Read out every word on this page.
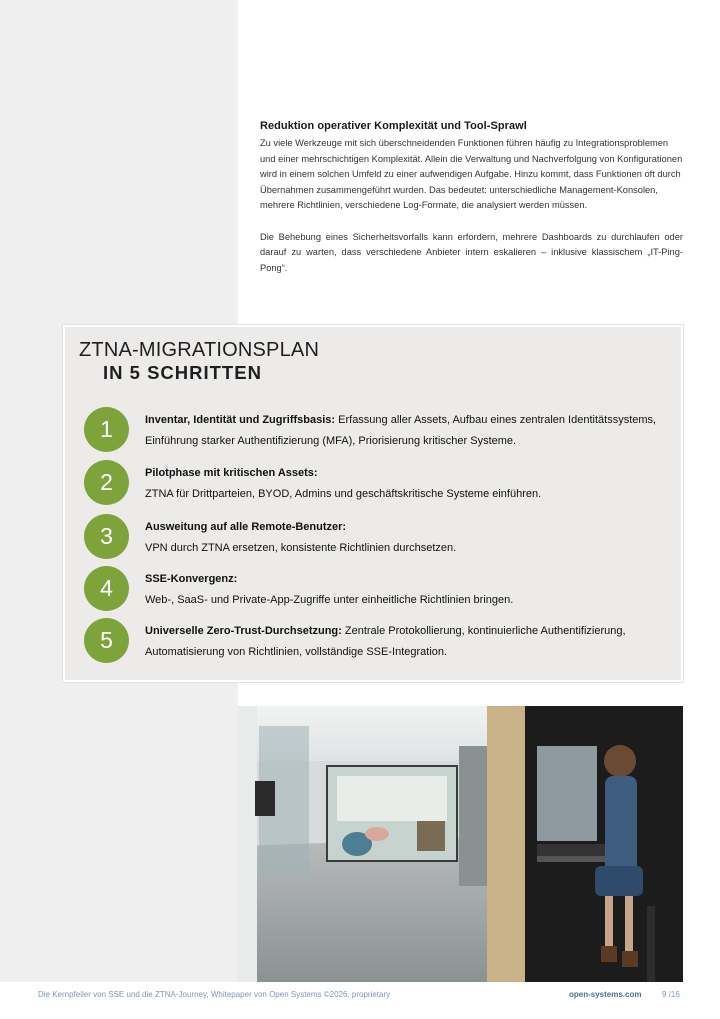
Reduktion operativer Komplexität und Tool-Sprawl

Zu viele Werkzeuge mit sich überschneidenden Funktionen führen häufig zu Integrationsproblemen und einer mehrschichtigen Komplexität. Allein die Verwaltung und Nachverfolgung von Konfigurationen wird in einem solchen Umfeld zu einer aufwendigen Aufgabe. Hinzu kommt, dass Funktionen oft durch Übernahmen zusammengeführt wurden. Das bedeutet: unterschiedliche Management-Konsolen, mehrere Richtlinien, verschiedene Log-Formate, die analysiert werden müssen.

Die Behebung eines Sicherheitsvorfalls kann erfordern, mehrere Dashboards zu durchlaufen oder darauf zu warten, dass verschiedene Anbieter intern eskalieren – inklusive klassischem „IT-Ping-Pong“.

ZTNA-MIGRATIONSPLAN
IN 5 SCHRITTEN
1	Inventar, Identität und Zugriffsbasis: Erfassung aller Assets, Aufbau eines zentralen Identitätssystems, Einführung starker Authentifizierung (MFA), Priorisierung kritischer Systeme.
2	Pilotphase mit kritischen Assets:
ZTNA für Drittparteien, BYOD, Admins und geschäftskritische Systeme einführen.
3	Ausweitung auf alle Remote-Benutzer:
VPN durch ZTNA ersetzen, konsistente Richtlinien durchsetzen.
4	SSE-Konvergenz:
Web-, SaaS- und Private-App-Zugriffe unter einheitliche Richtlinien bringen.
5	Universelle Zero-Trust-Durchsetzung: Zentrale Protokollierung, kontinuierliche Authentifizierung, Automatisierung von Richtlinien, vollständige SSE-Integration.
Die Kernpfeiler von SSE und die ZTNA-Journey, Whitepaper von Open Systems ©2026, proprietary	open-systems.com	9 /16
